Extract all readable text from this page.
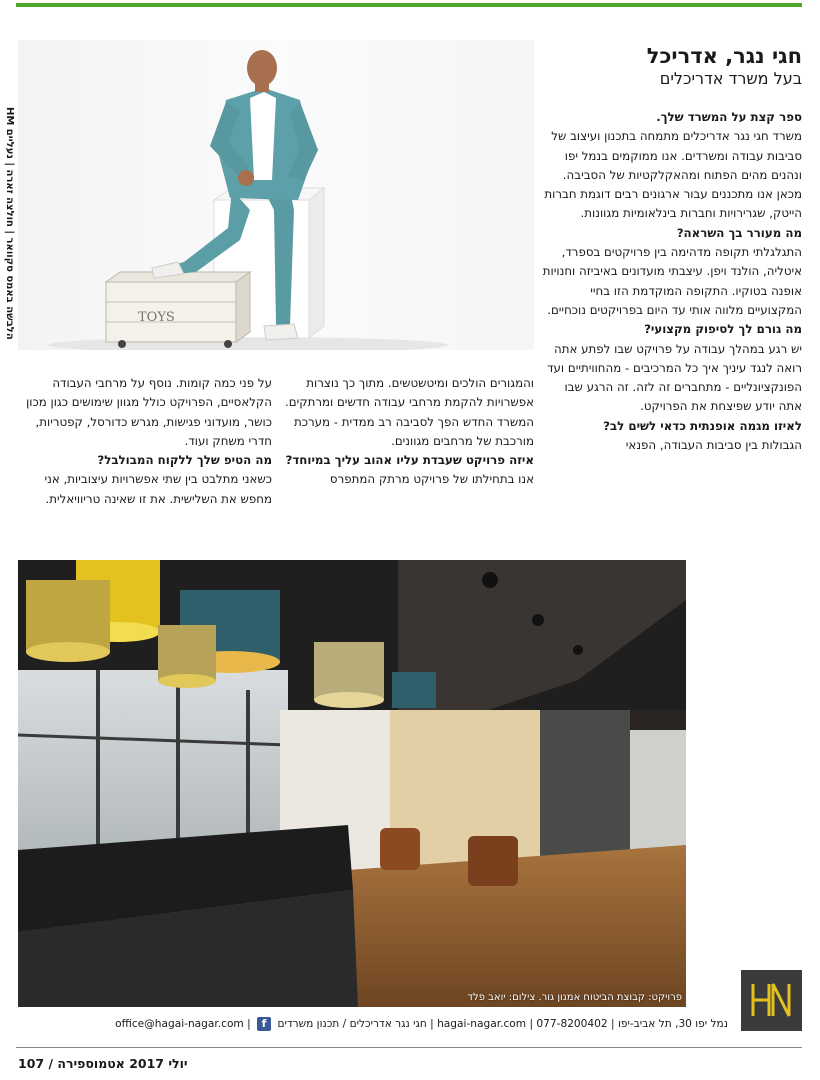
הלבשה באמס סקוואר | חולצה זארה | נעליים HM	TOYS
חגי נגר, אדריכל
בעל משרד אדריכלים

ספר קצת על המשרד שלך.

משרד חגי נגר אדריכלים מתמחה בתכנון ועיצוב של סביבות עבודה ומשרדים. אנו ממוקמים בנמל יפו ונהנים מהים הפתוח ומהאקלקטיות של הסביבה. מכאן אנו מתכננים עבור ארגונים רבים דוגמת חברות הייטק, שגרירויות וחברות בינלאומיות מגוונות.

מה מעורר בך השראה?

התגלגלתי תקופה מדהימה בין פרויקטים בספרד, איטליה, הולנד ויפן. עיצבתי מועדונים באיביזה וחנויות אופנה בטוקיו. התקופה המוקדמת הזו בחיי המקצועיים מלווה אותי עד היום בפרויקטים נוכחיים.

מה גורם לך לסיפוק מקצועי?

יש רגע במהלך עבודה על פרויקט שבו לפתע אתה רואה לנגד עיניך איך כל המרכיבים - מהחוויתיים ועד הפונקציונליים - מתחברים זה לזה. זה הרגע שבו אתה יודע שפיצחת את הפרויקט.

לאיזו מגמה אופנתית כדאי לשים לב?

הגבולות בין סביבות העבודה, הפנאי

והמגורים הולכים ומיטשטשים. מתוך כך נוצרות אפשרויות להקמת מרחבי עבודה חדשים ומרתקים. המשרד החדש הפך לסביבה רב ממדית - מערכת מורכבת של מרחבים מגוונים.

איזה פרויקט שעבדת עליו אהוב עליך במיוחד?

אנו בתחילתו של פרויקט מרתק המתפרס

על פני כמה קומות. נוסף על מרחבי העבודה הקלאסיים, הפרויקט כולל מגוון שימושים כגון מכון כושר, מועדוני פגישות, מגרש כדורסל, קפטריות, חדרי משחק ועוד.

מה הטיפ שלך ללקוח המבולבל?

כשאני מתלבט בין שתי אפשרויות עיצוביות, אני מחפש את השלישית. את זו שאינה טריוויאלית.

פרויקט: קבוצת הביטוח אמנון גור. צילום: יואב פלד
נמל יפו 30, תל אביב-יפו | 077-8200402 | hagai-nagar.com | חגי נגר אדריכלים / תכנון משרדים f | office@hagai-nagar.com
יולי 2017 אטמוספירה / 107
